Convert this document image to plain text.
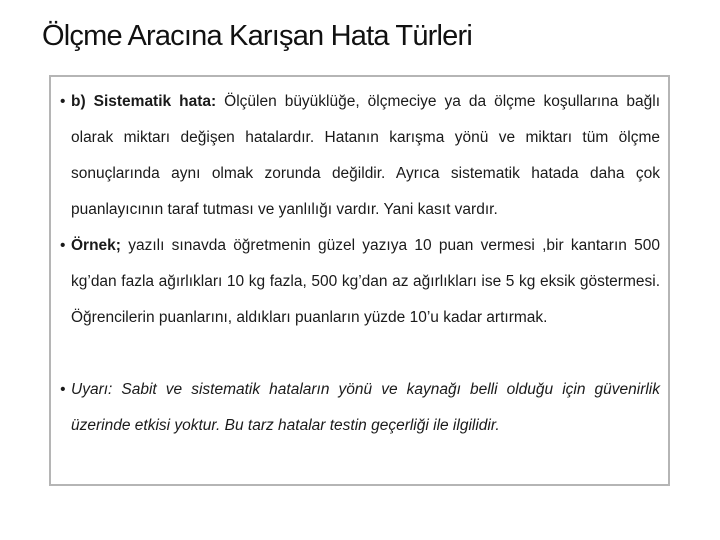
Ölçme Aracına Karışan Hata Türleri
• b) Sistematik hata: Ölçülen büyüklüğe, ölçmeciye ya da ölçme koşullarına bağlı olarak miktarı değişen hatalardır. Hatanın karışma yönü ve miktarı tüm ölçme sonuçlarında aynı olmak zorunda değildir. Ayrıca sistematik hatada daha çok puanlayıcının taraf tutması ve yanlılığı vardır. Yani kasıt vardır.
• Örnek; yazılı sınavda öğretmenin güzel yazıya 10 puan vermesi ,bir kantarın 500 kg’dan fazla ağırlıkları 10 kg fazla, 500 kg’dan az ağırlıkları ise 5 kg eksik göstermesi. Öğrencilerin puanlarını, aldıkları puanların yüzde 10’u kadar artırmak.
• Uyarı: Sabit ve sistematik hataların yönü ve kaynağı belli olduğu için güvenirlik üzerinde etkisi yoktur. Bu tarz hatalar testin geçerliği ile ilgilidir.
